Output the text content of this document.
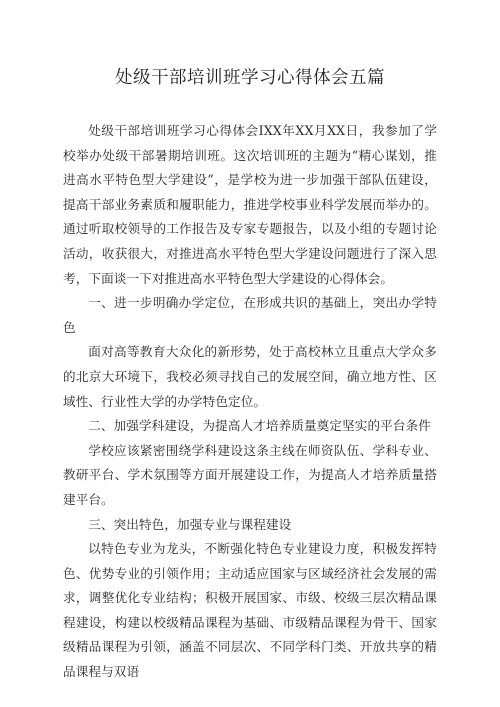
处级干部培训班学习心得体会五篇

处级干部培训班学习心得体会IXX年XX月XX日，我参加了学校举办处级干部暑期培训班。这次培训班的主题为“精心谋划，推进高水平特色型大学建设”，是学校为进一步加强干部队伍建设，提高干部业务素质和履职能力，推进学校事业科学发展而举办的。通过听取校领导的工作报告及专家专题报告，以及小组的专题讨论活动，收获很大，对推进高水平特色型大学建设问题进行了深入思考，下面谈一下对推进高水平特色型大学建设的心得体会。

一、进一步明确办学定位，在形成共识的基础上，突出办学特色

面对高等教育大众化的新形势，处于高校林立且重点大学众多的北京大环境下，我校必须寻找自己的发展空间，确立地方性、区域性、行业性大学的办学特色定位。

二、加强学科建设，为提高人才培养质量奠定坚实的平台条件

学校应该紧密围绕学科建设这条主线在师资队伍、学科专业、教研平台、学术氛围等方面开展建设工作，为提高人才培养质量搭建平台。

三、突出特色，加强专业与课程建设

以特色专业为龙头，不断强化特色专业建设力度，积极发挥特色、优势专业的引领作用；主动适应国家与区域经济社会发展的需求，调整优化专业结构；积极开展国家、市级、校级三层次精品课程建设，构建以校级精品课程为基础、市级精品课程为骨干、国家级精品课程为引领，涵盖不同层次、不同学科门类、开放共享的精品课程与双语
